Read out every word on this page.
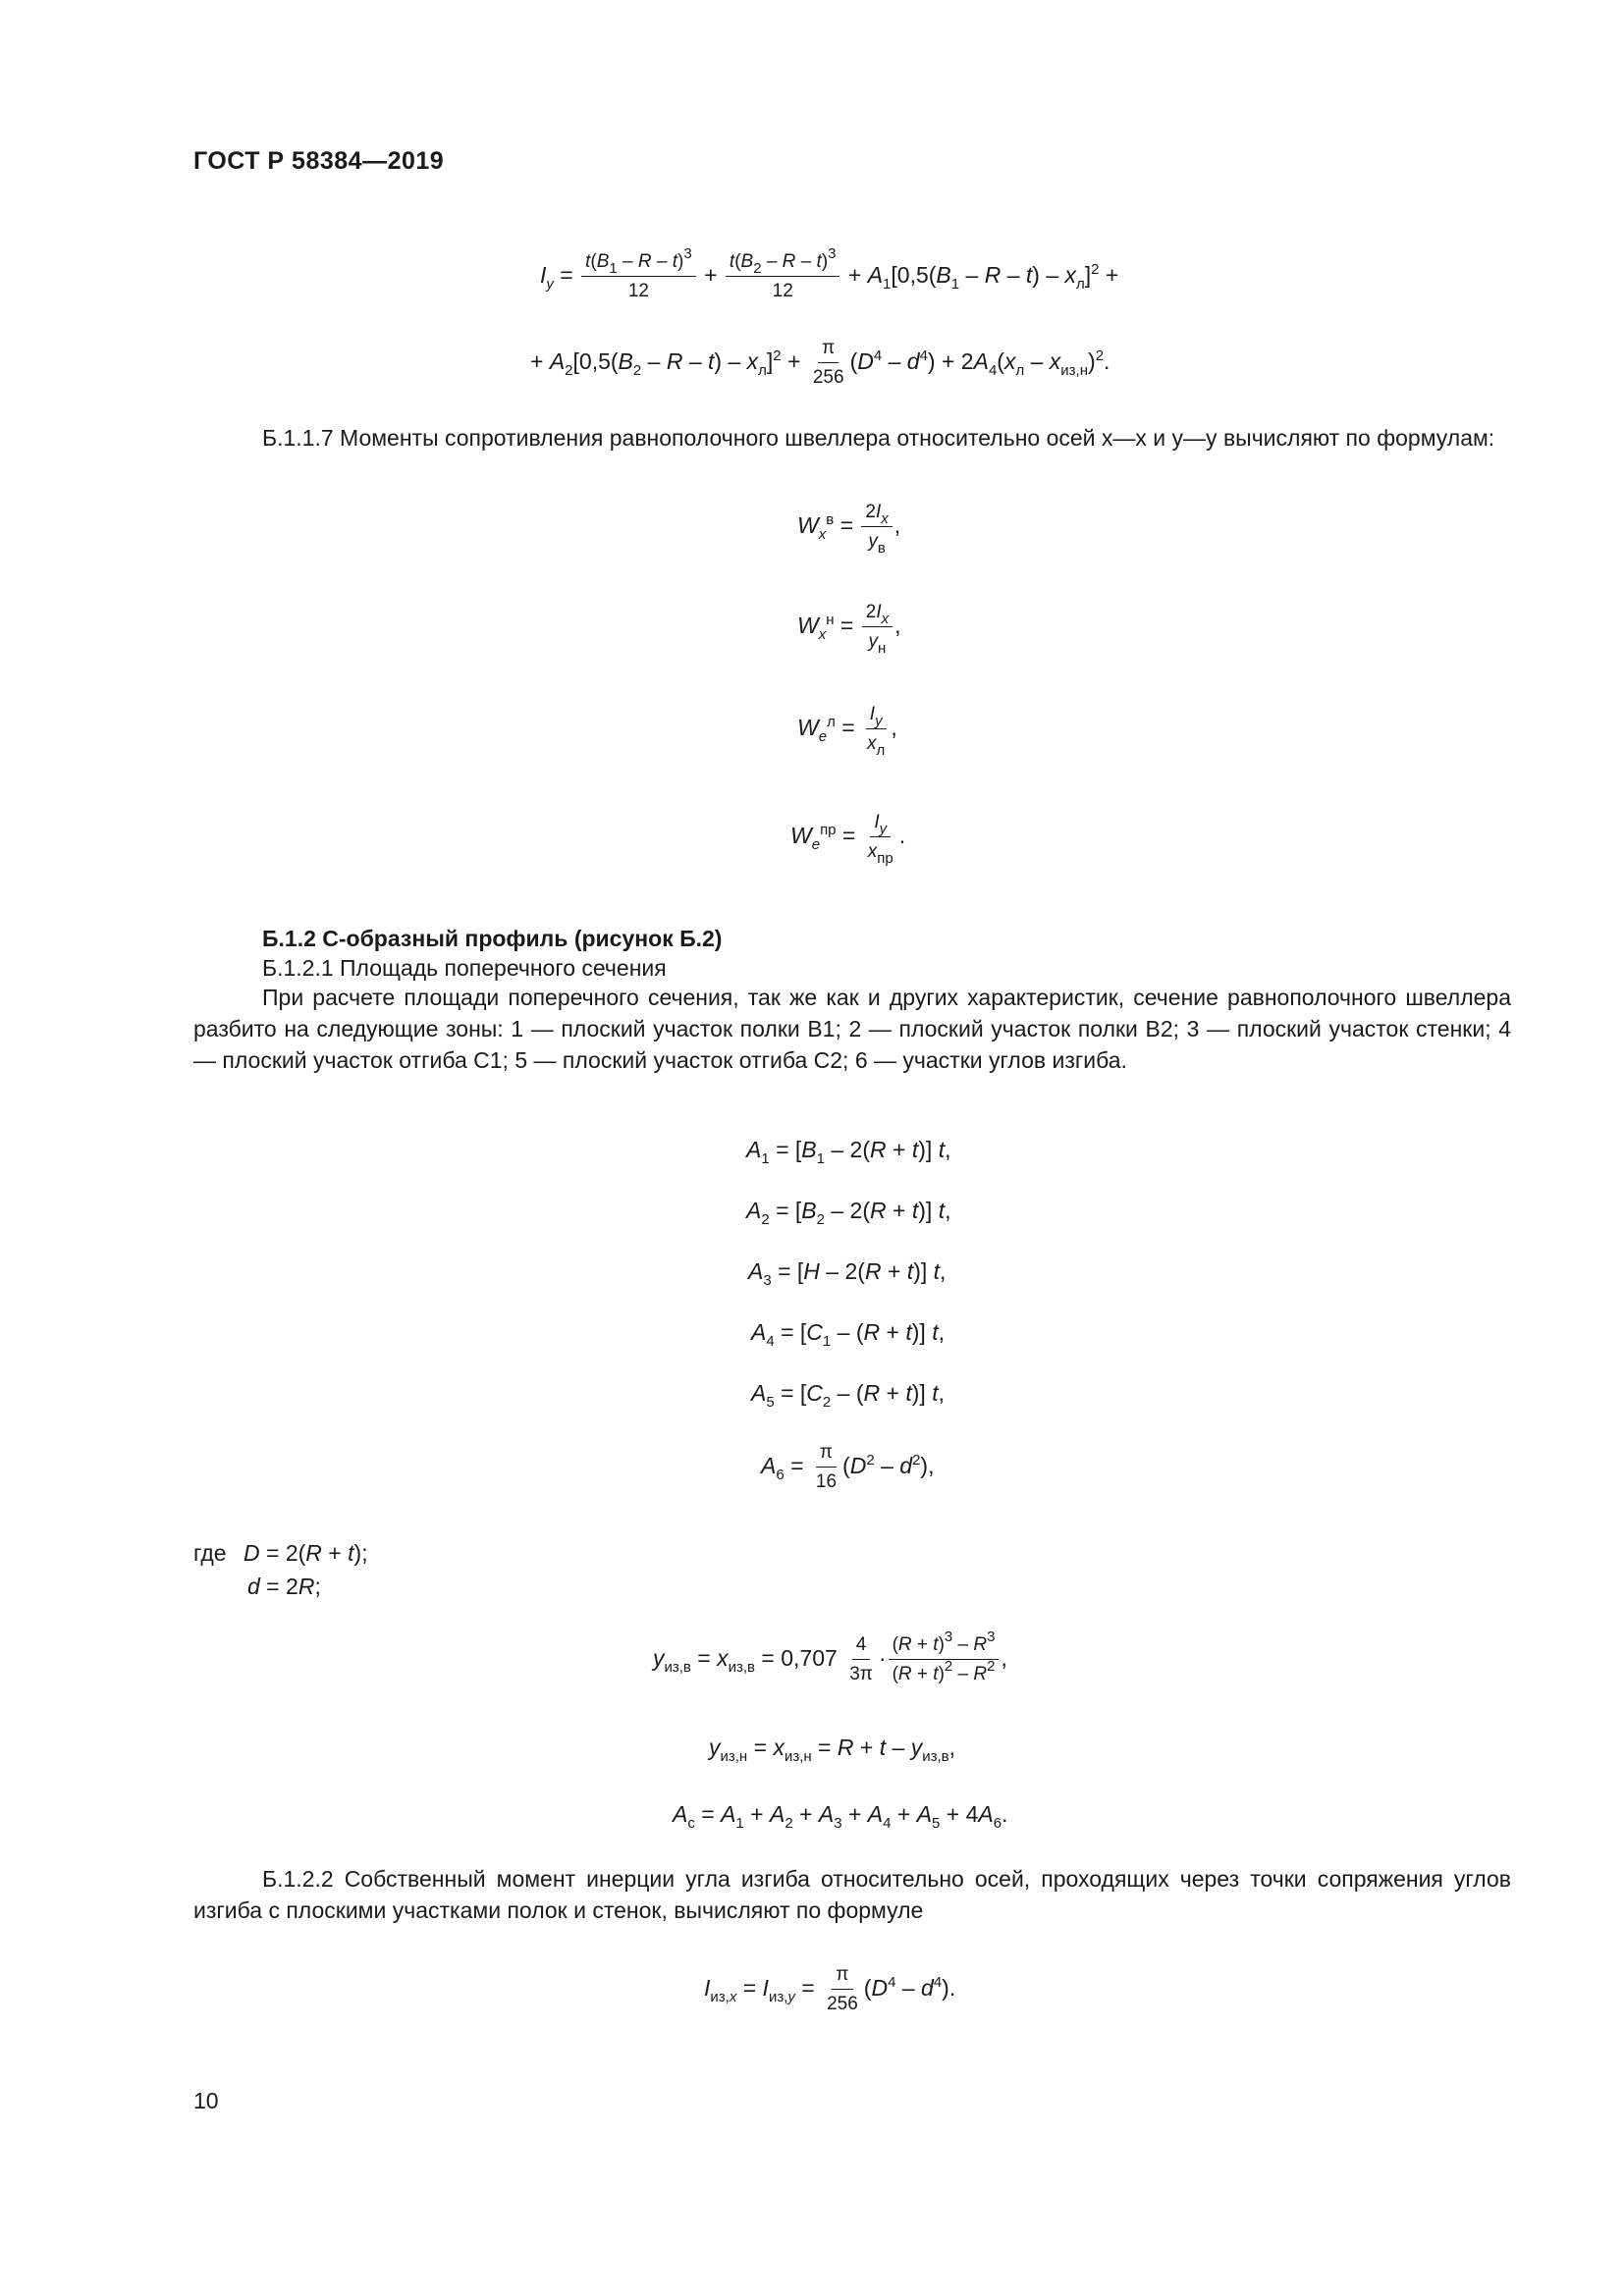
ГОСТ Р 58384—2019
$I_y = \frac{t(B_1 - R - t)^3}{12} + \frac{t(B_2 - R - t)^3}{12} + A_1[0,5(B_1 - R - t) - x_л]^2$ +
+ $A_2[0,5(B_2 - R - t) - x_л]^2 + \frac{\pi}{256} (D^4 - d^4) + 2A_4(x_л - x_{из,н})^2$.
Б.1.1.7 Моменты сопротивления равнополочного швеллера относительно осей x—x и y—y вычисляют по формулам:
$W_x^в = \frac{2I_x}{y_в}$ ,
$W_x^н = \frac{2I_x}{y_н}$ ,
$W_e^л = \frac{I_y}{x_л}$ ,
$W_e^{пр} = \frac{I_y}{x_{пр}}$ .
Б.1.2 С-образный профиль (рисунок Б.2)
Б.1.2.1 Площадь поперечного сечения
При расчете площади поперечного сечения, так же как и других характеристик, сечение равнополочного швеллера разбито на следующие зоны: 1 — плоский участок полки B1; 2 — плоский участок полки B2; 3 — плоский участок стенки; 4 — плоский участок отгиба C1; 5 — плоский участок отгиба C2; 6 — участки углов изгиба.
$A_1 = [B_1 - 2(R + t)]$ t,
$A_2 = [B_2 - 2(R + t)]$ t,
$A_3 = [H - 2(R + t)]$ t,
$A_4 = [C_1 - (R + t)]$ t,
$A_5 = [C_2 - (R + t)]$ t,
$A_6 = \frac{\pi}{16} (D^2 - d^2)$,
где D = 2(R + t);
d = 2R;
$y_{из,в} = x_{из,в} = 0,707 \frac{4}{3\pi} \cdot \frac{(R + t)^3 - R^3}{(R + t)^2 - R^2}$ ,
$y_{из,н} = x_{из,н} = R + t - y_{из,в}$,
$A_с = A_1 + A_2 + A_3 + A_4 + A_5 + 4A_6$.
Б.1.2.2 Собственный момент инерции угла изгиба относительно осей, проходящих через точки сопряжения углов изгиба с плоскими участками полок и стенок, вычисляют по формуле
$I_{из,x} = I_{из,y} = \frac{\pi}{256} (D^4 - d^4)$.
10
